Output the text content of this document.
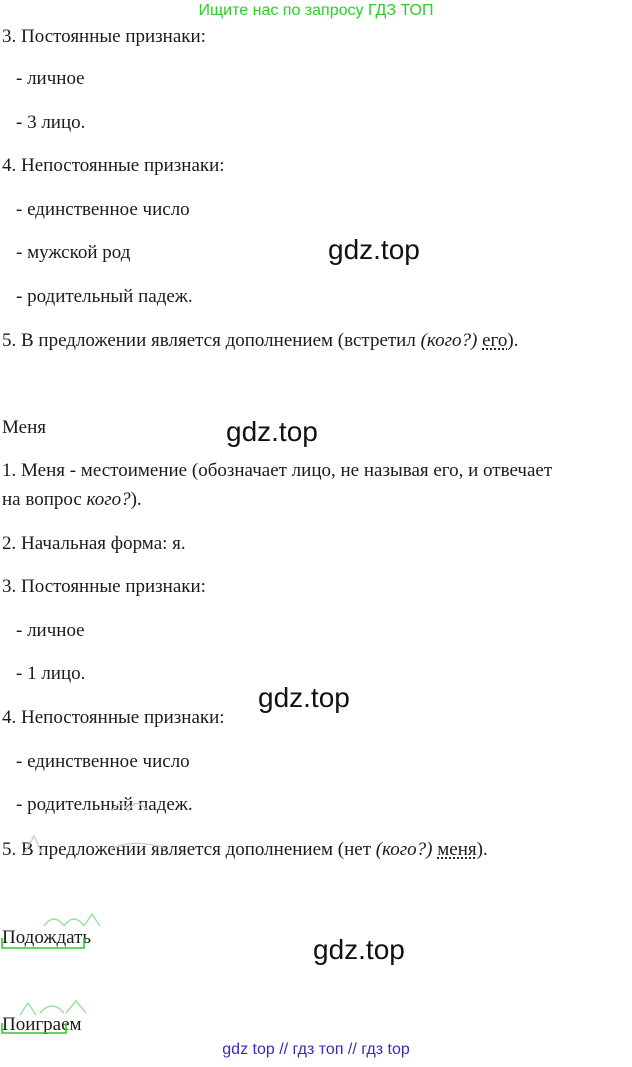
Ищите нас по запросу ГДЗ ТОП
3. Постоянные признаки:
- личное
- 3 лицо.
4. Непостоянные признаки:
- единственное число
- мужской род
- родительный падеж.
5. В предложении является дополнением (встретил (кого?) его).
gdz.top
Меня	gdz.top
1. Меня - местоимение (обозначает лицо, не называя его, и отвечает
на вопрос кого?).
2. Начальная форма: я.
3. Постоянные признаки:
- личное
- 1 лицо.
gdz.top
4. Непостоянные признаки:
- единственное число
- родительный падеж.
5. В предложении является дополнением (нет (кого?) меня).
Подождать	gdz.top
Поиграем
gdz top // гдз топ // гдз top
